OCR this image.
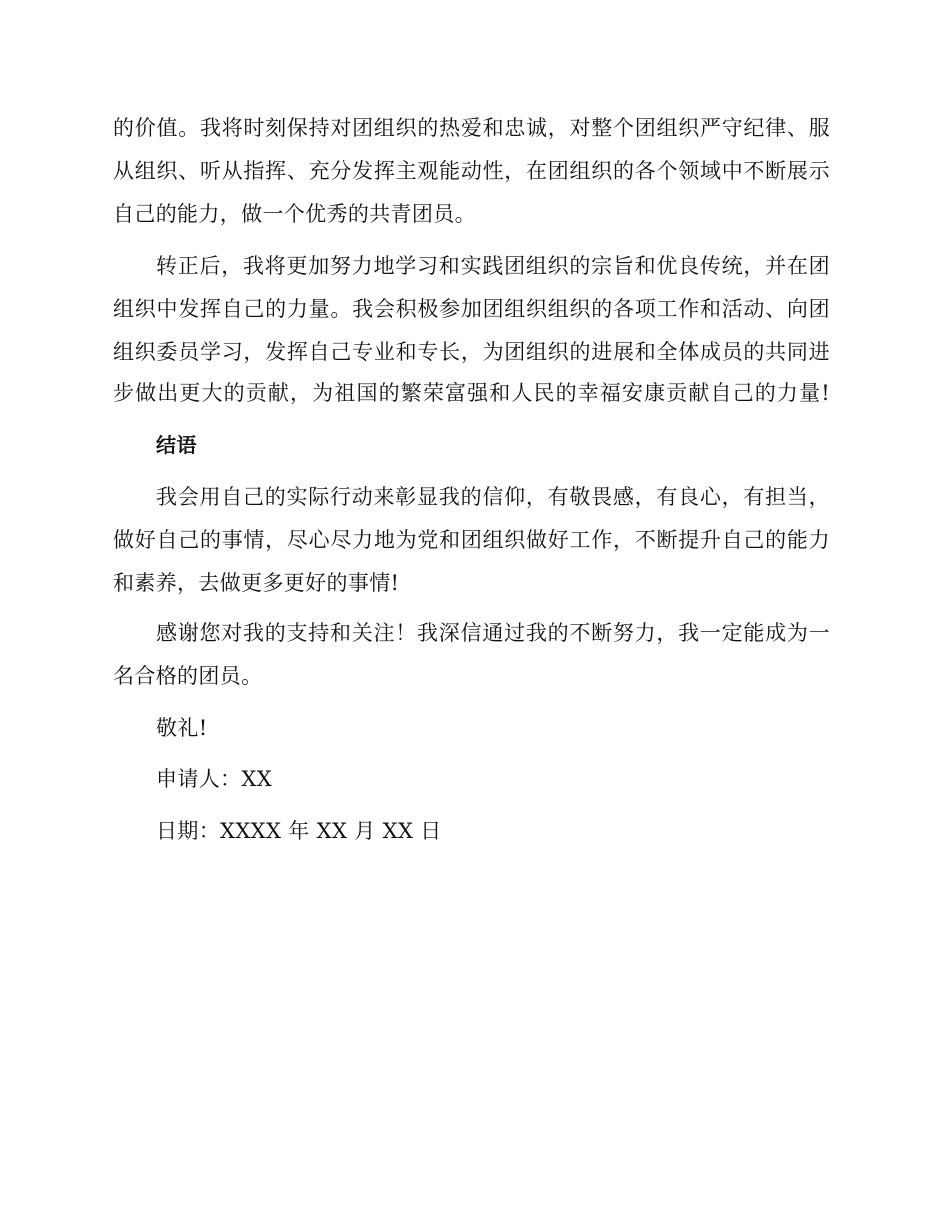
的价值。我将时刻保持对团组织的热爱和忠诚，对整个团组织严守纪律、服
从组织、听从指挥、充分发挥主观能动性，在团组织的各个领域中不断展示
自己的能力，做一个优秀的共青团员。
转正后，我将更加努力地学习和实践团组织的宗旨和优良传统，并在团
组织中发挥自己的力量。我会积极参加团组织组织的各项工作和活动、向团
组织委员学习，发挥自己专业和专长，为团组织的进展和全体成员的共同进
步做出更大的贡献，为祖国的繁荣富强和人民的幸福安康贡献自己的力量!
结语
我会用自己的实际行动来彰显我的信仰，有敬畏感，有良心，有担当，
做好自己的事情，尽心尽力地为党和团组织做好工作，不断提升自己的能力
和素养，去做更多更好的事情!
感谢您对我的支持和关注！我深信通过我的不断努力，我一定能成为一
名合格的团员。
敬礼!
申请人：XX
日期：XXXX 年 XX 月 XX 日
